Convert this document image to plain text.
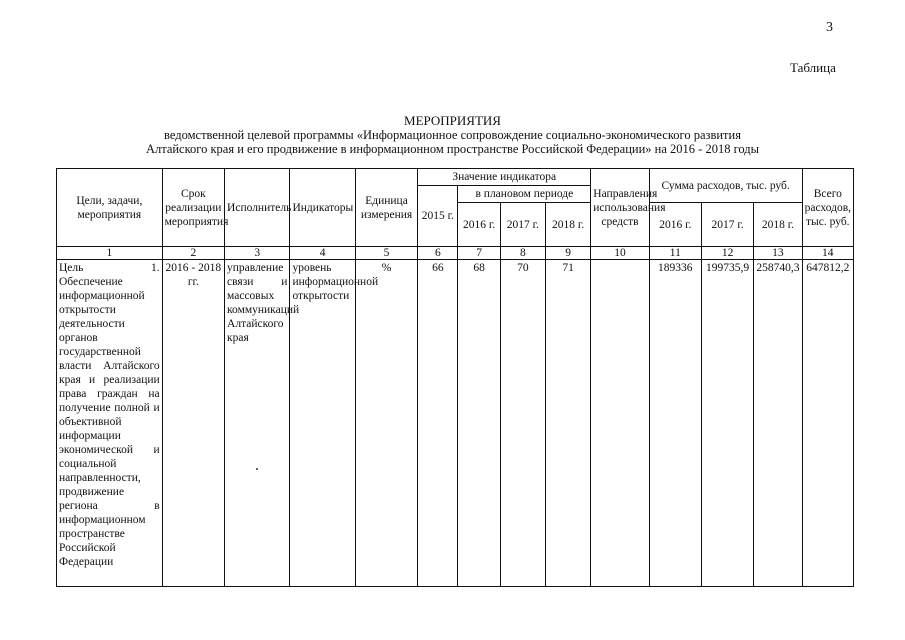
3
Таблица
МЕРОПРИЯТИЯ
ведомственной целевой программы «Информационное сопровождение социально-экономического развития
Алтайского края и его продвижение в информационном пространстве Российской Федерации» на 2016 - 2018 годы
Цели, задачи, мероприятия	Срок реализации мероприятия	Исполнитель	Индикаторы	Единица измерения	Значение индикатора				Направления использования средств	Сумма расходов, тыс. руб.			Всего расходов, тыс. руб.
					2015 г.	в плановом периоде							
						2016 г.	2017 г.	2018 г.		2016 г.	2017 г.	2018 г.	
1	2	3	4	5	6	7	8	9	10	11	12	13	14
Цель 1. Обеспечение информационной открытости деятельности органов государственной власти Алтайского края и реализации права граждан на получение полной и объективной информации экономической и социальной направленности, продвижение региона в информационном пространстве Российской Федерации	2016 - 2018 гг.	управление связи и массовых коммуникаций Алтайского края	уровень информационной открытости	%	66	68	70	71		189336	199735,9	258740,3	647812,2
